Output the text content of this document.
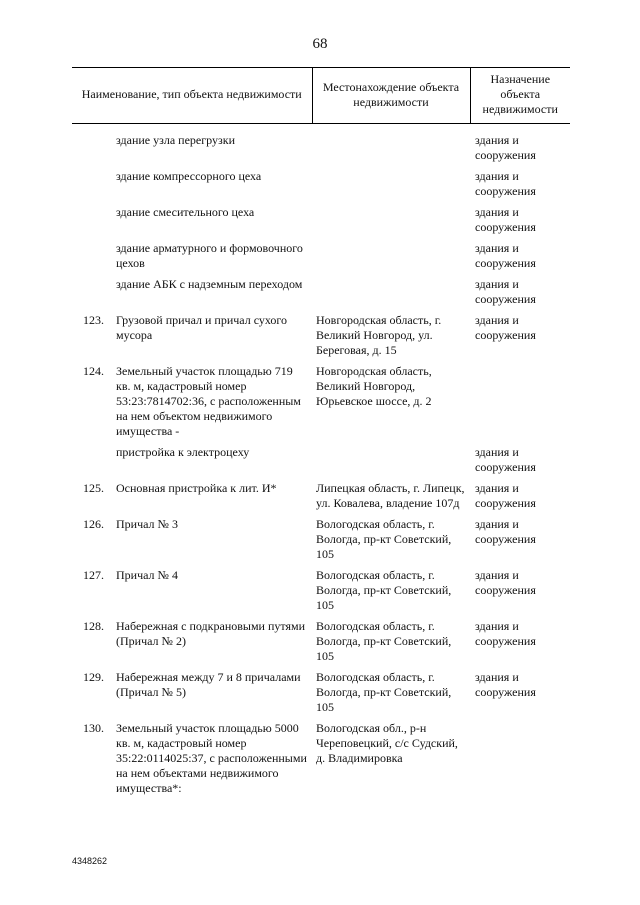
68
Наименование, тип объекта недвижимости		Местонахождение объекта недвижимости	Назначение объекта недвижимости
	здание узла перегрузки		здания и сооружения
	здание компрессорного цеха		здания и сооружения
	здание смесительного цеха		здания и сооружения
	здание арматурного и формовочного цехов		здания и сооружения
	здание АБК с надземным переходом		здания и сооружения
123.	Грузовой причал и причал сухого мусора	Новгородская область, г. Великий Новгород, ул. Береговая, д. 15	здания и сооружения
124.	Земельный участок площадью 719 кв. м, кадастровый номер 53:23:7814702:36, с расположенным на нем объектом недвижимого имущества -	Новгородская область, Великий Новгород, Юрьевское шоссе, д. 2	
	пристройка к электроцеху		здания и сооружения
125.	Основная пристройка к лит. И*	Липецкая область, г. Липецк, ул. Ковалева, владение 107д	здания и сооружения
126.	Причал № 3	Вологодская область, г. Вологда, пр-кт Советский, 105	здания и сооружения
127.	Причал № 4	Вологодская область, г. Вологда, пр-кт Советский, 105	здания и сооружения
128.	Набережная с подкрановыми путями (Причал № 2)	Вологодская область, г. Вологда, пр-кт Советский, 105	здания и сооружения
129.	Набережная между 7 и 8 причалами (Причал № 5)	Вологодская область, г. Вологда, пр-кт Советский, 105	здания и сооружения
130.	Земельный участок площадью 5000 кв. м, кадастровый номер 35:22:0114025:37, с расположенными на нем объектами недвижимого имущества*:	Вологодская обл., р-н Череповецкий, с/с Судский, д. Владимировка	
4348262
